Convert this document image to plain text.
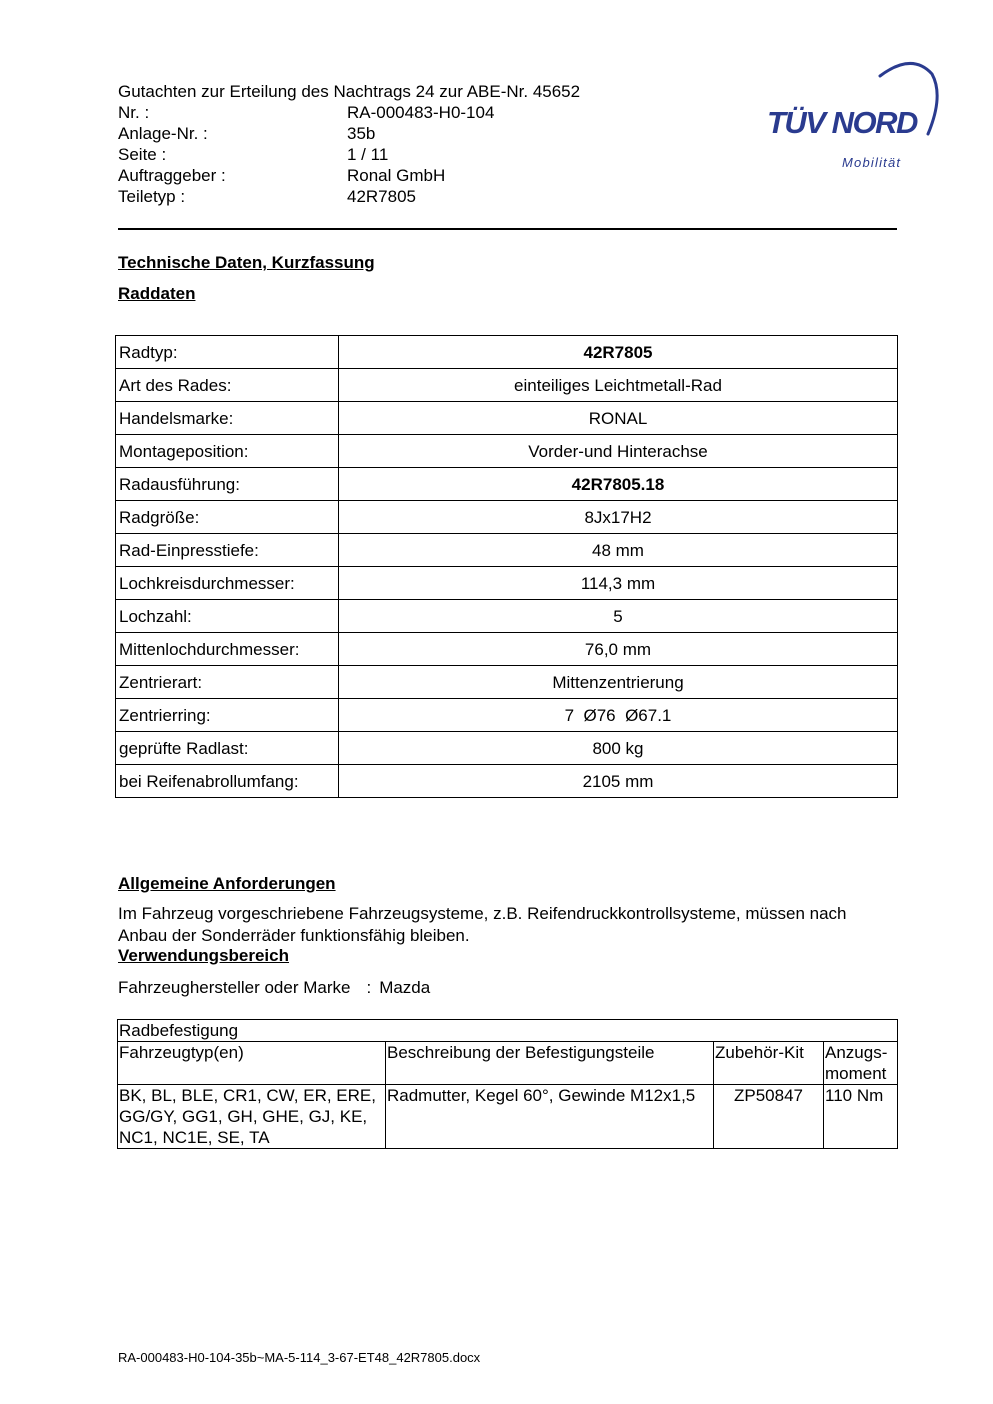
Gutachten zur Erteilung des Nachtrags 24 zur ABE-Nr. 45652
Nr. :	RA-000483-H0-104
Anlage-Nr. :	35b
Seite :	1 / 11
Auftraggeber :	Ronal GmbH
Teiletyp :	42R7805
TÜV NORD
Mobilität
Technische Daten, Kurzfassung
Raddaten
Radtyp:	42R7805
Art des Rades:	einteiliges Leichtmetall-Rad
Handelsmarke:	RONAL
Montageposition:	Vorder-und Hinterachse
Radausführung:	42R7805.18
Radgröße:	8Jx17H2
Rad-Einpresstiefe:	48 mm
Lochkreisdurchmesser:	114,3 mm
Lochzahl:	5
Mittenlochdurchmesser:	76,0 mm
Zentrierart:	Mittenzentrierung
Zentrierring:	7  Ø76  Ø67.1
geprüfte Radlast:	800 kg
bei Reifenabrollumfang:	2105 mm
Allgemeine Anforderungen
Im Fahrzeug vorgeschriebene Fahrzeugsysteme, z.B. Reifendruckkontrollsysteme, müssen nach Anbau der Sonderräder funktionsfähig bleiben.
Verwendungsbereich
Fahrzeughersteller oder Marke : Mazda
Radbefestigung			
Fahrzeugtyp(en)	Beschreibung der Befestigungsteile	Zubehör-Kit	Anzugs-moment
BK, BL, BLE, CR1, CW, ER, ERE, GG/GY, GG1, GH, GHE, GJ, KE, NC1, NC1E, SE, TA	Radmutter, Kegel 60°, Gewinde M12x1,5	ZP50847	110 Nm
RA-000483-H0-104-35b~MA-5-114_3-67-ET48_42R7805.docx
